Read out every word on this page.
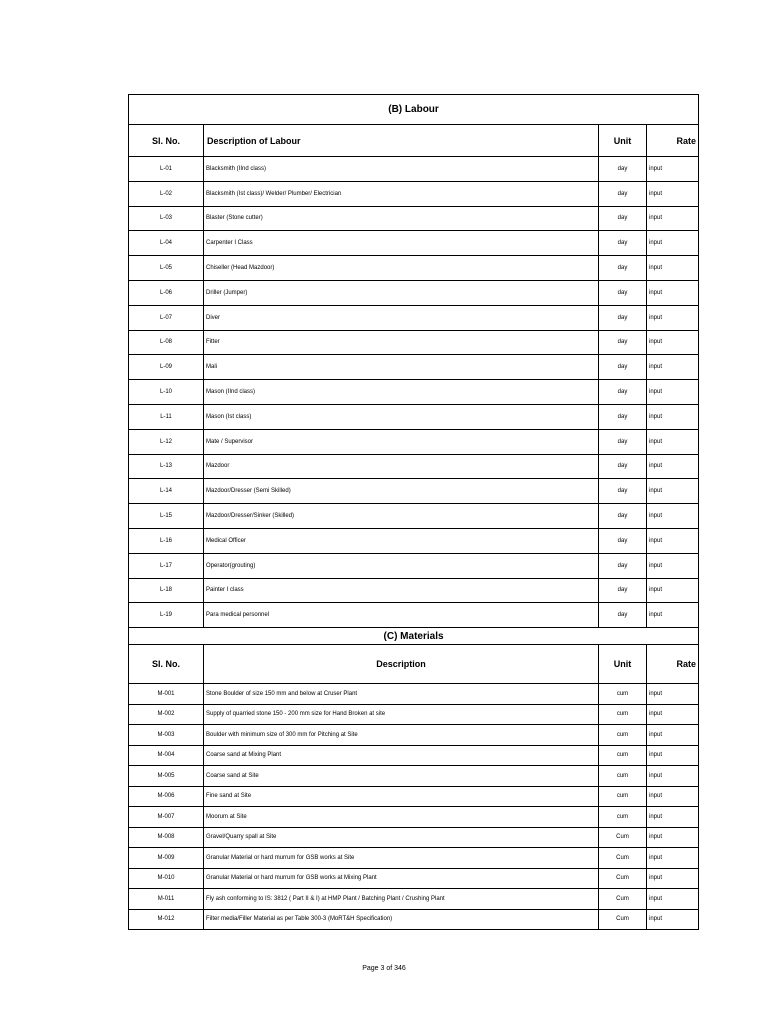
(B) Labour			
Sl. No.	Description of Labour	Unit	Rate
L-01	Blacksmith (IInd class)	day	input
L-02	Blacksmith (Ist class)/ Welder/ Plumber/ Electrician	day	input
L-03	Blaster (Stone cutter)	day	input
L-04	Carpenter I Class	day	input
L-05	Chiseller (Head Mazdoor)	day	input
L-06	Driller (Jumper)	day	input
L-07	Diver	day	input
L-08	Fitter	day	input
L-09	Mali	day	input
L-10	Mason (IInd class)	day	input
L-11	Mason (Ist class)	day	input
L-12	Mate / Supervisor	day	input
L-13	Mazdoor	day	input
L-14	Mazdoor/Dresser (Semi Skilled)	day	input
L-15	Mazdoor/Dresser/Sinker (Skilled)	day	input
L-16	Medical Officer	day	input
L-17	Operator(grouting)	day	input
L-18	Painter I class	day	input
L-19	Para medical personnel	day	input
(C) Materials			
Sl. No.	Description	Unit	Rate
M-001	Stone Boulder of size 150 mm and below at Cruser Plant	cum	input
M-002	Supply of quarried stone 150 - 200 mm size for Hand Broken at site	cum	input
M-003	Boulder with minimum size of 300 mm for Pitching at Site	cum	input
M-004	Coarse sand at Mixing Plant	cum	input
M-005	Coarse sand at Site	cum	input
M-006	Fine sand at Site	cum	input
M-007	Moorum at Site	cum	input
M-008	Gravel/Quarry spall at Site	Cum	input
M-009	Granular Material or hard murrum for GSB works at Site	Cum	input
M-010	Granular Material or hard murrum for GSB works at Mixing Plant	Cum	input
M-011	Fly ash conforming to IS: 3812 ( Part II & I) at HMP Plant / Batching Plant / Crushing Plant	Cum	input
M-012	Filter media/Filler Material as per Table 300-3 (MoRT&H Specification)	Cum	input
Page 3 of 346
